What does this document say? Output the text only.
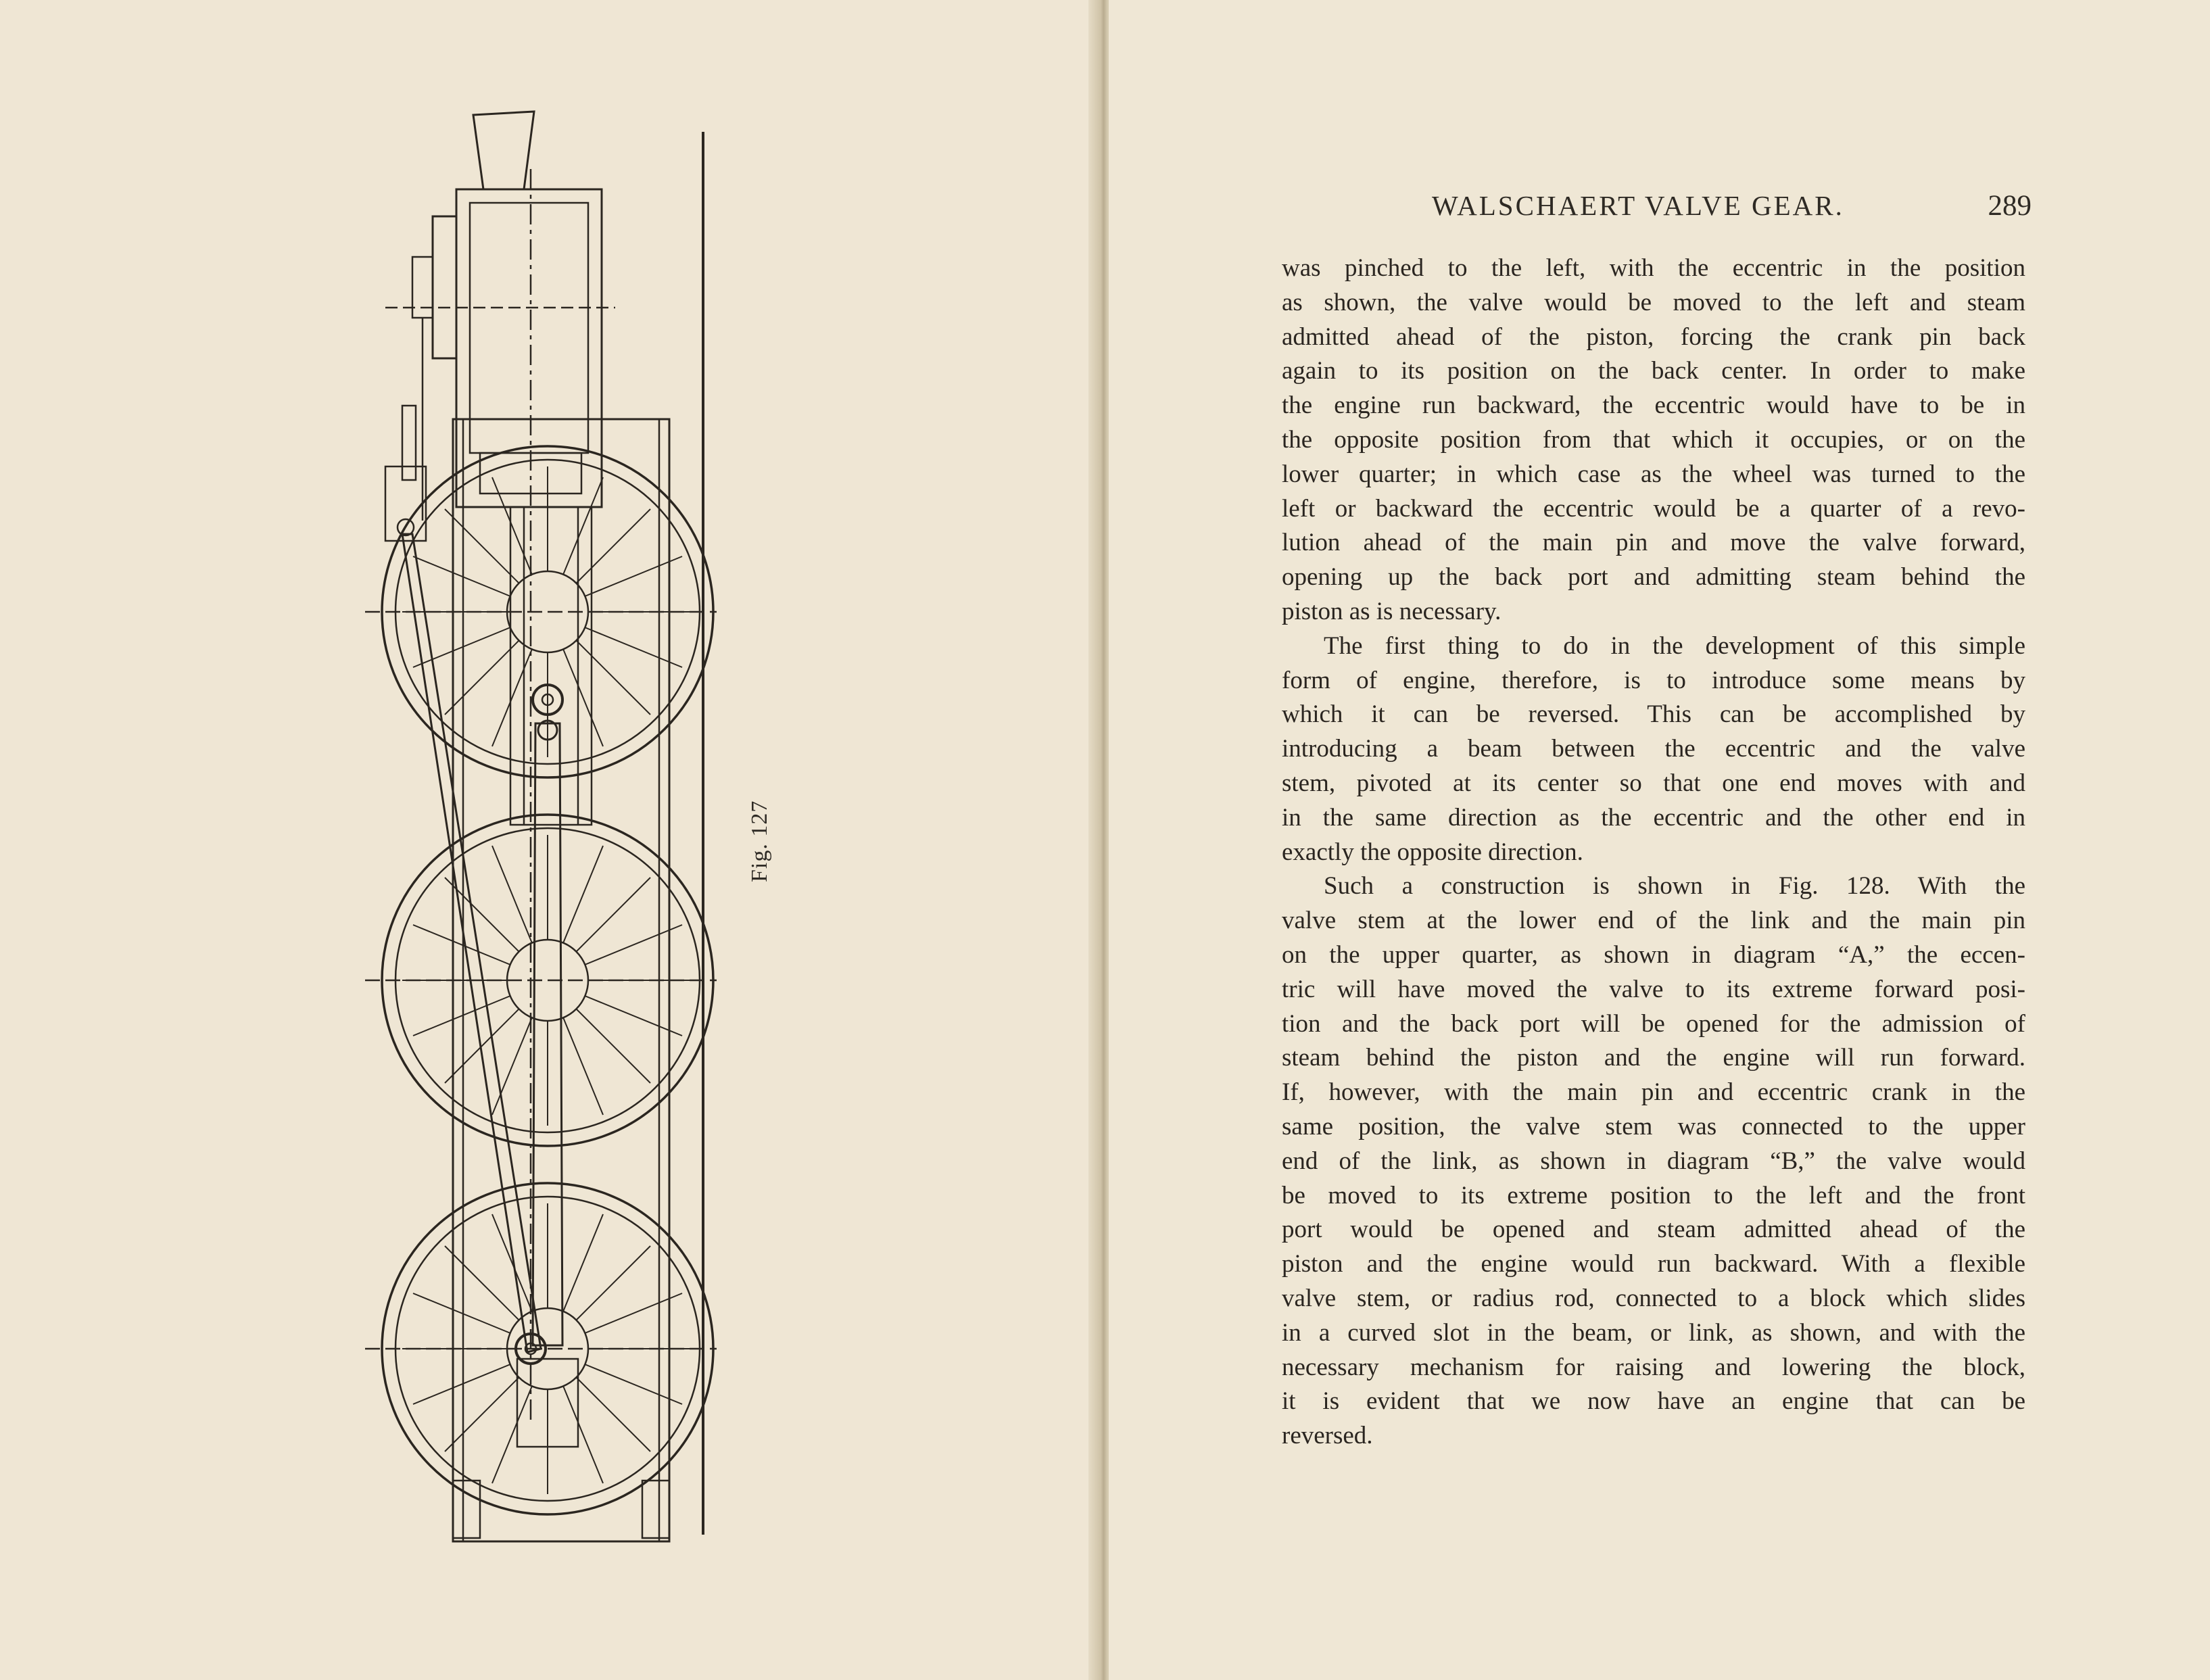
Fig. 127
WALSCHAERT VALVE GEAR.	289
was pinched to the left, with the eccentric in the position
as shown, the valve would be moved to the left and steam
admitted ahead of the piston, forcing the crank pin back
again to its position on the back center. In order to make
the engine run backward, the eccentric would have to be in
the opposite position from that which it occupies, or on the
lower quarter; in which case as the wheel was turned to the
left or backward the eccentric would be a quarter of a revo-
lution ahead of the main pin and move the valve forward,
opening up the back port and admitting steam behind the
piston as is necessary.
The first thing to do in the development of this simple
form of engine, therefore, is to introduce some means by
which it can be reversed. This can be accomplished by
introducing a beam between the eccentric and the valve
stem, pivoted at its center so that one end moves with and
in the same direction as the eccentric and the other end in
exactly the opposite direction.
Such a construction is shown in Fig. 128. With the
valve stem at the lower end of the link and the main pin
on the upper quarter, as shown in diagram “A,” the eccen-
tric will have moved the valve to its extreme forward posi-
tion and the back port will be opened for the admission of
steam behind the piston and the engine will run forward.
If, however, with the main pin and eccentric crank in the
same position, the valve stem was connected to the upper
end of the link, as shown in diagram “B,” the valve would
be moved to its extreme position to the left and the front
port would be opened and steam admitted ahead of the
piston and the engine would run backward. With a flexible
valve stem, or radius rod, connected to a block which slides
in a curved slot in the beam, or link, as shown, and with the
necessary mechanism for raising and lowering the block,
it is evident that we now have an engine that can be
reversed.
